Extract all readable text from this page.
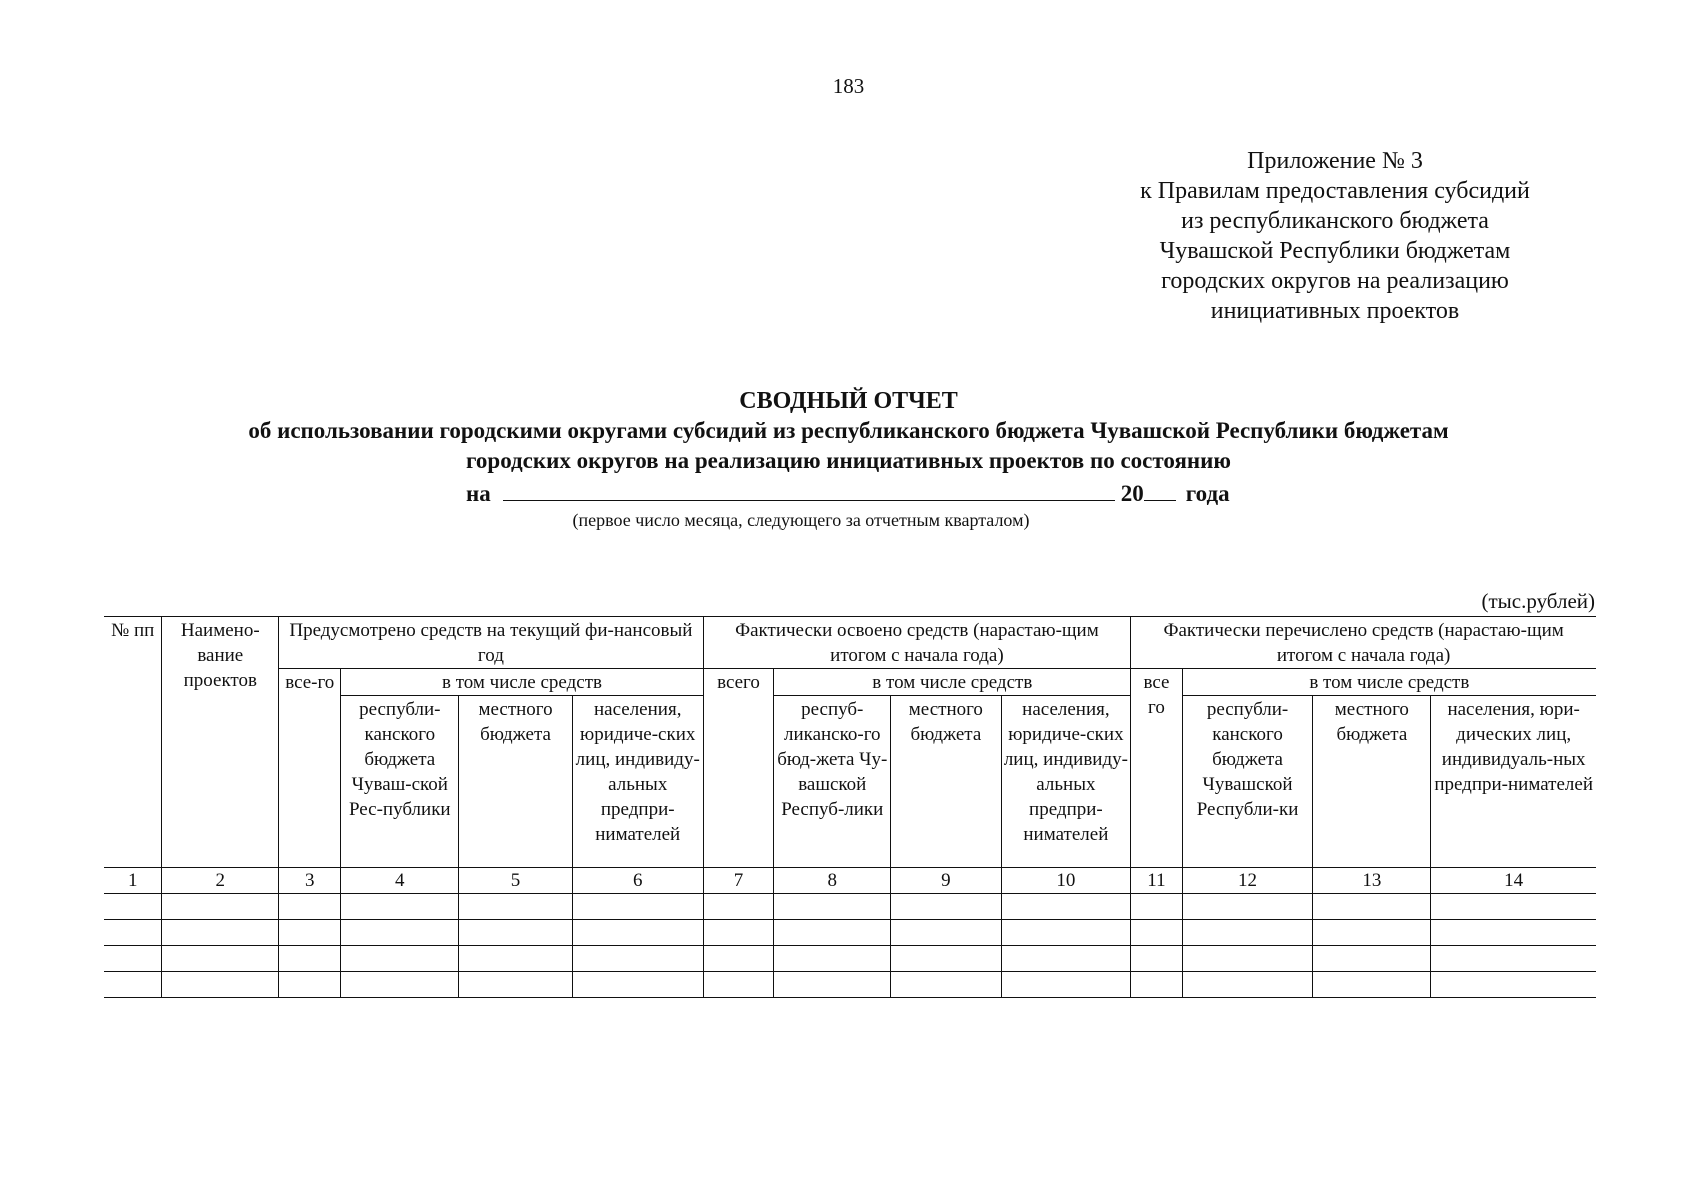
183
Приложение № 3
к Правилам предоставления субсидий
из республиканского бюджета
Чувашской Республики бюджетам
городских округов на реализацию
инициативных проектов
СВОДНЫЙ ОТЧЕТ
об использовании городскими округами субсидий из республиканского бюджета Чувашской Республики бюджетам
городских округов на реализацию инициативных проектов по состоянию
на	20 года
(первое число месяца, следующего за отчетным кварталом)
(тыс.рублей)
№ пп	Наимено-вание проектов	Предусмотрено средств на текущий фи-нансовый год				Фактически освоено средств (нарастаю-щим итогом с начала года)				Фактически перечислено средств (нарастаю-щим итогом с начала года)			
		все-го	в том числе средств			всего	в том числе средств			все го	в том числе средств		
			республи-канского бюджета Чуваш-ской Рес-публики	местного бюджета	населения, юридиче-ских лиц, индивиду-альных предпри-нимателей		респуб-ликанско-го бюд-жета Чу-вашской Респуб-лики	местного бюджета	населения, юридиче-ских лиц, индивиду-альных предпри-нимателей		республи-канского бюджета Чувашской Республи-ки	местного бюджета	населения, юри-дических лиц, индивидуаль-ных предпри-нимателей
1	2	3	4	5	6	7	8	9	10	11	12	13	14
